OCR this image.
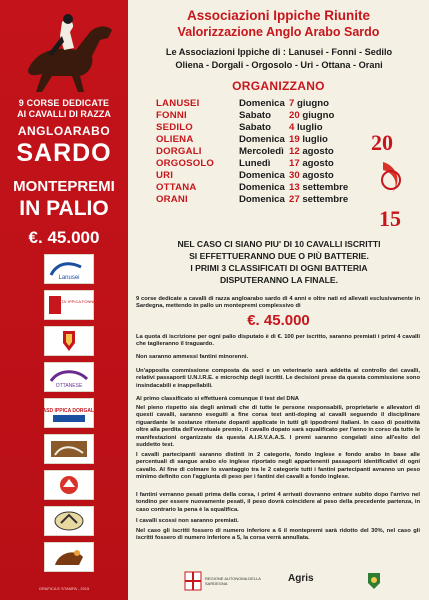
9 CORSE DEDICATE
AI CAVALLI DI RAZZA
ANGLOARABO
SARDO
MONTEPREMI
IN PALIO
€. 45.000
Lanusei
SOCIETA' IPPICA FONNESE
OTTANESE
ASD IPPICA DORGALI
GRAFICA E STAMPA - 2015
Associazioni Ippiche Riunite
Valorizzazione Anglo Arabo Sardo
Le Associazioni Ippiche di : Lanusei - Fonni - Sedilo
Oliena - Dorgali - Orgosolo - Uri - Ottana - Orani
ORGANIZZANO
LANUSEI	Domenica 7 giugno
FONNI	Sabato 20 giugno
SEDILO	Sabato 4 luglio
OLIENA	Domenica 19 luglio
DORGALI	Mercoledì 12 agosto
ORGOSOLO	Lunedì 17 agosto
URI	Domenica 30 agosto
OTTANA	Domenica 13 settembre
ORANI	Domenica 27 settembre
20
15
NEL CASO CI SIANO PIU' DI 10 CAVALLI ISCRITTI
SI EFFETTUERANNO DUE O PIÙ BATTERIE.
I PRIMI 3 CLASSIFICATI DI OGNI BATTERIA
DISPUTERANNO LA FINALE.
9 corse dedicate a cavalli di razza angloarabo sardo di 4 anni e oltre nati ed allevati esclusivamente in Sardegna, mettendo in pallo un montepremi complessivo di
€. 45.000
La quota di iscrizione per ogni palio disputato è di €. 100 per iscritto, saranno premiati i primi 4 cavalli che taglieranno il traguardo.
Non saranno ammessi fantini minorenni.
Un'apposita commissione composta da soci e un veterinario sarà addetta al controllo dei cavalli, relativi passaporti U.N.I.R.E. e microchip degli iscritti. Le decisioni prese da questa commissione sono insindacabili e inappellabili.
Al primo classificato si effettuerà comunque il test del DNA
Nel pieno rispetto sia degli animali che di tutte le persone responsabili, proprietarie e allevatori di questi cavalli, saranno eseguiti a fine corsa test anti-doping ai cavalli seguendo il disciplinare riguardante le sostanze ritenute dopanti applicate in tutti gli ippodromi italiani. In caso di positività oltre alla perdita dell'eventuale premio, il cavallo dopato sarà squalificato per l'anno in corso da tutte le manifestazioni organizzate da questa A.I.R.V.A.A.S. I premi saranno congelati sino all'esito del suddetto test.
I cavalli partecipanti saranno distinti in 2 categorie, fondo inglese e fondo arabo in base alle percentuali di sangue arabo e/o inglese riportato negli appartenenti passaporti identificativi di ogni cavallo. Al fine di colmare lo svantaggio tra le 2 categorie tutti i fantini partecipanti avranno un peso minimo definito con l'aggiunta di peso per i fantini dei cavalli a fondo inglese.
I fantini verranno pesati prima della corsa, i primi 4 arrivati dovranno entrare subito dopo l'arrivo nel tondino per essere nuovamente pesati, il peso dovrà coincidere al peso della precedente partenza, in caso contrario la pena è la squalifica.
I cavalli scossi non saranno premiati.
Nel caso gli iscritti fossero di numero inferiore a 6 il montepremi sarà ridotto del 30%, nel caso gli iscritti fossero di numero inferiore a 5, la corsa verrà annullata.
REGIONE AUTONOMA DELLA SARDEGNA	Agris
